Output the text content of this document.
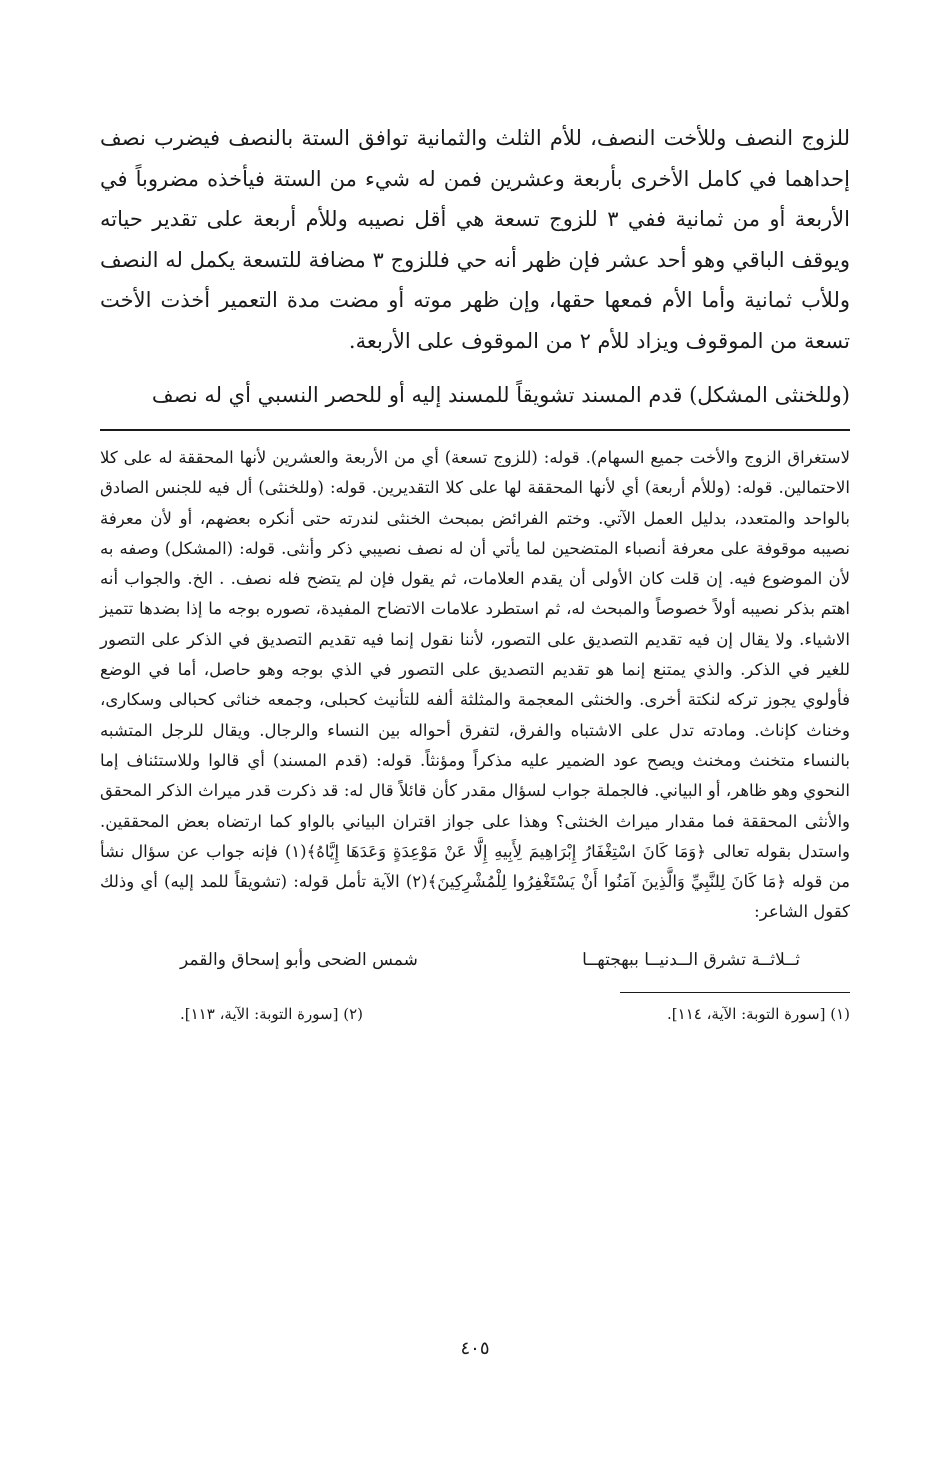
للزوج النصف وللأخت النصف، للأم الثلث والثمانية توافق الستة بالنصف فيضرب نصف إحداهما في كامل الأخرى بأربعة وعشرين فمن له شيء من الستة فيأخذه مضروباً في الأربعة أو من ثمانية ففي ٣ للزوج تسعة هي أقل نصيبه وللأم أربعة على تقدير حياته ويوقف الباقي وهو أحد عشر فإن ظهر أنه حي فللزوج ٣ مضافة للتسعة يكمل له النصف وللأب ثمانية وأما الأم فمعها حقها، وإن ظهر موته أو مضت مدة التعمير أخذت الأخت تسعة من الموقوف ويزاد للأم ٢ من الموقوف على الأربعة.

(وللخنثى المشكل) قدم المسند تشويقاً للمسند إليه أو للحصر النسبي أي له نصف

لاستغراق الزوج والأخت جميع السهام). قوله: (للزوج تسعة) أي من الأربعة والعشرين لأنها المحققة له على كلا الاحتمالين. قوله: (وللأم أربعة) أي لأنها المحققة لها على كلا التقديرين. قوله: (وللخنثى) أل فيه للجنس الصادق بالواحد والمتعدد، بدليل العمل الآتي. وختم الفرائض بمبحث الخنثى لندرته حتى أنكره بعضهم، أو لأن معرفة نصيبه موقوفة على معرفة أنصباء المتضحين لما يأتي أن له نصف نصيبي ذكر وأنثى. قوله: (المشكل) وصفه به لأن الموضوع فيه. إن قلت كان الأولى أن يقدم العلامات، ثم يقول فإن لم يتضح فله نصف. . الخ. والجواب أنه اهتم بذكر نصيبه أولاً خصوصاً والمبحث له، ثم استطرد علامات الاتضاح المفيدة، تصوره بوجه ما إذا بضدها تتميز الاشياء. ولا يقال إن فيه تقديم التصديق على التصور، لأننا نقول إنما فيه تقديم التصديق في الذكر على التصور للغير في الذكر. والذي يمتنع إنما هو تقديم التصديق على التصور في الذي بوجه وهو حاصل، أما في الوضع فأولوي يجوز تركه لنكتة أخرى. والخنثى المعجمة والمثلثة ألفه للتأنيث كحبلى، وجمعه خناثى كحبالى وسكارى، وخناث كإناث. ومادته تدل على الاشتباه والفرق، لتفرق أحواله بين النساء والرجال. ويقال للرجل المتشبه بالنساء متخنث ومخنث ويصح عود الضمير عليه مذكراً ومؤنثاً. قوله: (قدم المسند) أي قالوا وللاستئناف إما النحوي وهو ظاهر، أو البياني. فالجملة جواب لسؤال مقدر كأن قائلاً قال له: قد ذكرت قدر ميراث الذكر المحقق والأنثى المحققة فما مقدار ميراث الخنثى؟ وهذا على جواز اقتران البياني بالواو كما ارتضاه بعض المحققين. واستدل بقوله تعالى ﴿وَمَا كَانَ اسْتِغْفَارُ إِبْرَاهِيمَ لِأَبِيهِ إِلَّا عَنْ مَوْعِدَةٍ وَعَدَهَا إِيَّاهُ﴾(١) فإنه جواب عن سؤال نشأ من قوله ﴿مَا كَانَ لِلنَّبِيِّ وَالَّذِينَ آمَنُوا أَنْ يَسْتَغْفِرُوا لِلْمُشْرِكِينَ﴾(٢) الآية تأمل قوله: (تشويقاً للمد إليه) أي وذلك كقول الشاعر:

ثــلاثــة تشرق الــدنيــا ببهجتهــا
شمس الضحى وأبو إسحاق والقمر
(١) [سورة التوبة: الآية، ١١٤].
(٢) [سورة التوبة: الآية، ١١٣].
٤٠٥
